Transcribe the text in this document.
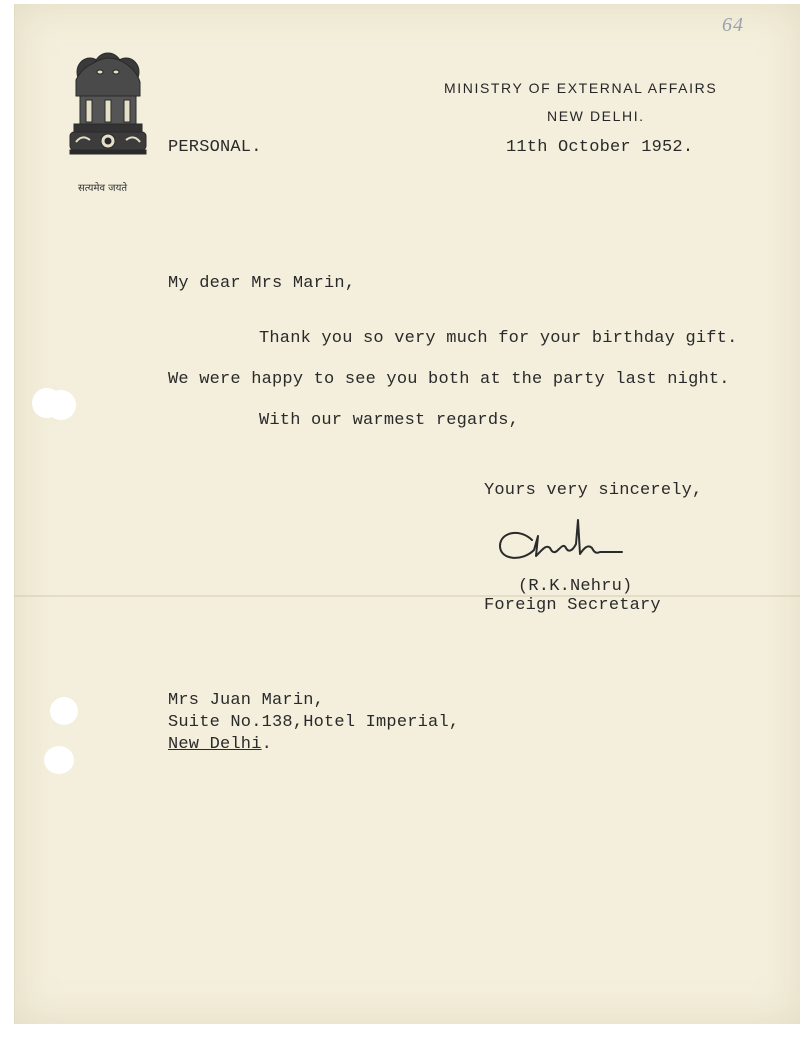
64
सत्यमेव जयते
MINISTRY OF EXTERNAL AFFAIRS
NEW DELHI.
PERSONAL.	11th October 1952.
My dear Mrs Marin,
Thank you so very much for your birthday gift.
We were happy to see you both at the party last night.
With our warmest regards,
Yours very sincerely,
(R.K.Nehru)
Foreign Secretary
Mrs Juan Marin,
Suite No.138,Hotel Imperial,
New Delhi.
